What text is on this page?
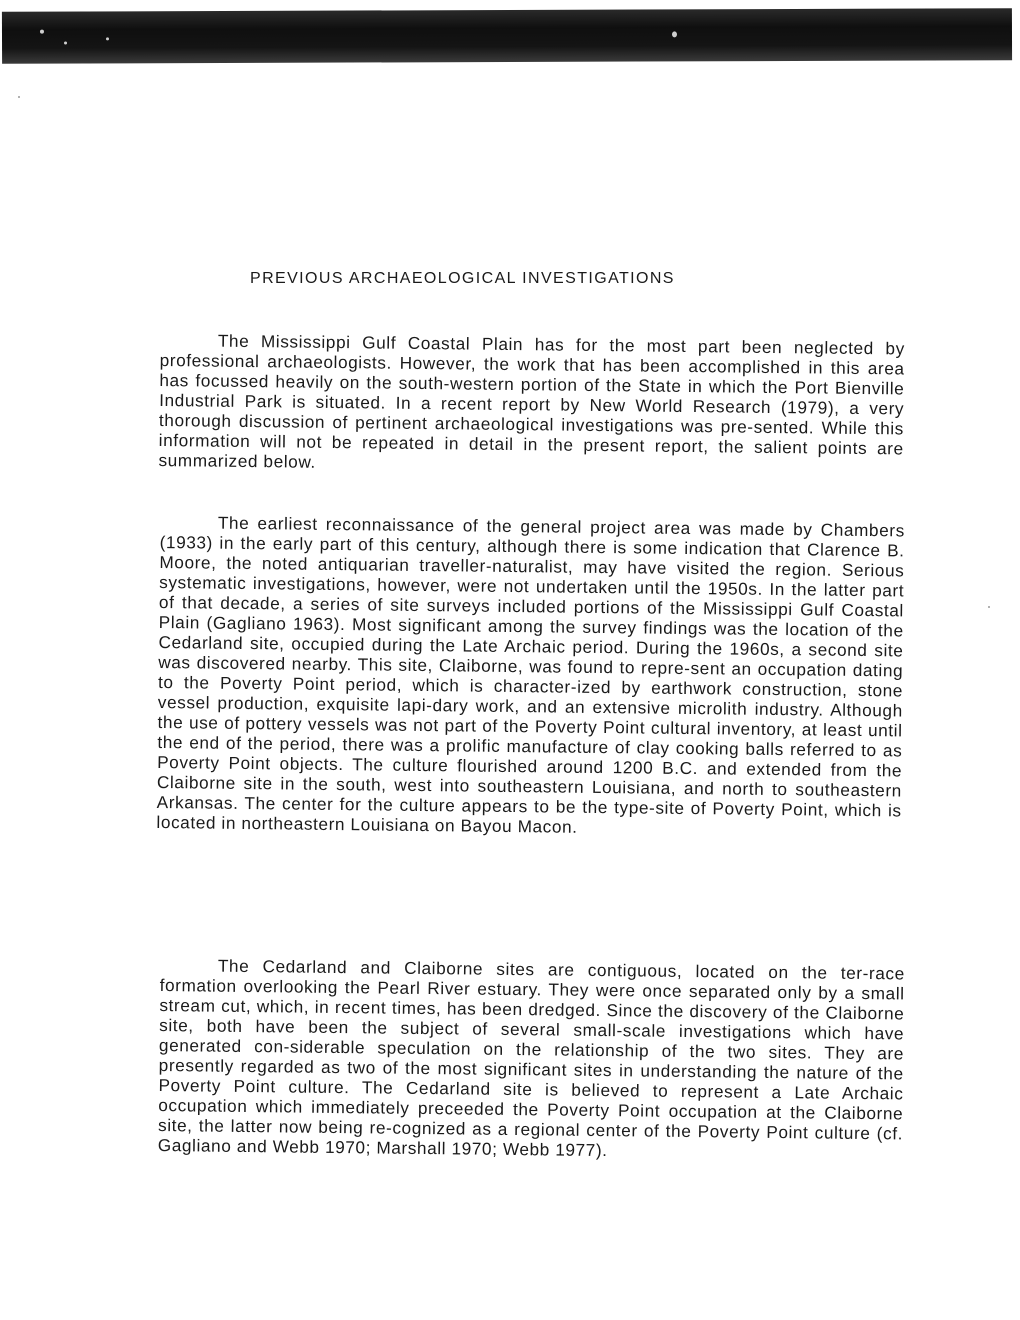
PREVIOUS ARCHAEOLOGICAL INVESTIGATIONS

The Mississippi Gulf Coastal Plain has for the most part been neglected by professional archaeologists. However, the work that has been accomplished in this area has focussed heavily on the south-western portion of the State in which the Port Bienville Industrial Park is situated. In a recent report by New World Research (1979), a very thorough discussion of pertinent archaeological investigations was pre-sented. While this information will not be repeated in detail in the present report, the salient points are summarized below.

The earliest reconnaissance of the general project area was made by Chambers (1933) in the early part of this century, although there is some indication that Clarence B. Moore, the noted antiquarian traveller-naturalist, may have visited the region. Serious systematic investigations, however, were not undertaken until the 1950s. In the latter part of that decade, a series of site surveys included portions of the Mississippi Gulf Coastal Plain (Gagliano 1963). Most significant among the survey findings was the location of the Cedarland site, occupied during the Late Archaic period. During the 1960s, a second site was discovered nearby. This site, Claiborne, was found to repre-sent an occupation dating to the Poverty Point period, which is character-ized by earthwork construction, stone vessel production, exquisite lapi-dary work, and an extensive microlith industry. Although the use of pottery vessels was not part of the Poverty Point cultural inventory, at least until the end of the period, there was a prolific manufacture of clay cooking balls referred to as Poverty Point objects. The culture flourished around 1200 B.C. and extended from the Claiborne site in the south, west into southeastern Louisiana, and north to southeastern Arkansas. The center for the culture appears to be the type-site of Poverty Point, which is located in northeastern Louisiana on Bayou Macon.

The Cedarland and Claiborne sites are contiguous, located on the ter-race formation overlooking the Pearl River estuary. They were once separated only by a small stream cut, which, in recent times, has been dredged. Since the discovery of the Claiborne site, both have been the subject of several small-scale investigations which have generated con-siderable speculation on the relationship of the two sites. They are presently regarded as two of the most significant sites in understanding the nature of the Poverty Point culture. The Cedarland site is believed to represent a Late Archaic occupation which immediately preceeded the Poverty Point occupation at the Claiborne site, the latter now being re-cognized as a regional center of the Poverty Point culture (cf. Gagliano and Webb 1970; Marshall 1970; Webb 1977).
